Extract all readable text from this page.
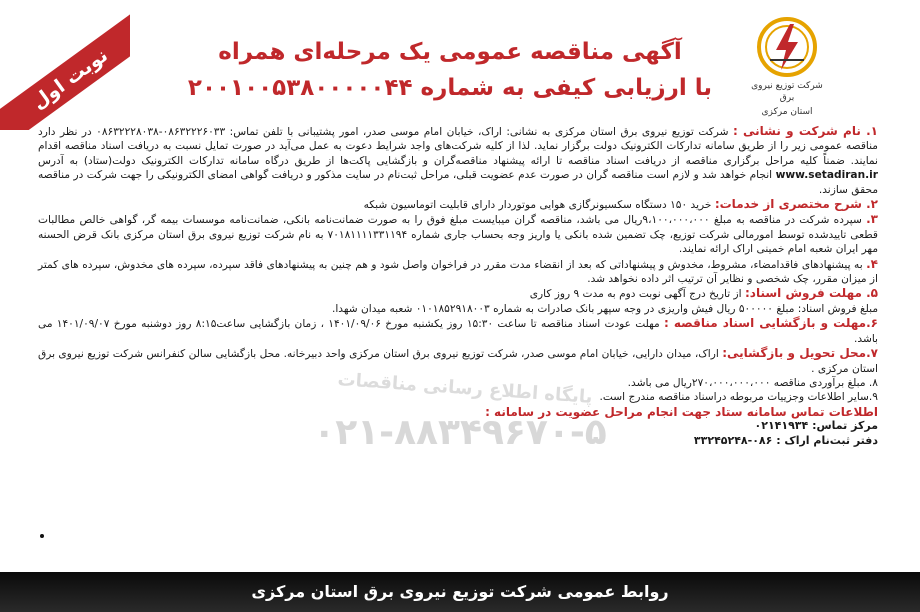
نوبت اول	شرکت توزیع نیروی برق
استان مرکزی
آگهی مناقصه عمومی یک مرحله‌ای همراه
با ارزیابی کیفی به شماره ۲۰۰۱۰۰۵۳۸۰۰۰۰۰۴۴
پایگاه اطلاع رسانی مناقصات
۰۲۱-۸۸۳۴۹۶۷۰-۵

۱. نام شرکت و نشانی : شرکت توزیع نیروی برق استان مرکزی به نشانی: اراک، خیابان امام موسی صدر، امور پشتیبانی با تلفن تماس: ۰۸۶۳۲۲۲۶۰۳۳-۰۸۶۳۲۲۲۸۰۳۸ در نظر دارد مناقصه عمومی زیر را از طریق سامانه تدارکات الکترونیک دولت برگزار نماید. لذا از کلیه شرکت‌های واجد شرایط دعوت به عمل می‌آید در صورت تمایل نسبت به دریافت اسناد مناقصه اقدام نمایند. ضمناً کلیه مراحل برگزاری مناقصه از دریافت اسناد مناقصه تا ارائه پیشنهاد مناقصه‌گران و بازگشایی پاکت‌ها از طریق درگاه سامانه تدارکات الکترونیک دولت(ستاد) به آدرس www.setadiran.ir انجام خواهد شد و لازم است مناقصه گران در صورت عدم عضویت قبلی، مراحل ثبت‌نام در سایت مذکور و دریافت گواهی امضای الکترونیکی را جهت شرکت در مناقصه محقق سازند.

۲. شرح مختصری از خدمات: خرید ۱۵۰ دستگاه سکسیونرگازی هوایی موتوردار دارای قابلیت اتوماسیون شبکه

۳. سپرده شرکت در مناقصه به مبلغ ۹،۱۰۰،۰۰۰،۰۰۰ریال می باشد، مناقصه گران میبایست مبلغ فوق را به صورت ضمانت‌نامه بانکی، ضمانت‌نامه موسسات بیمه گر، گواهی خالص مطالبات قطعی تاییدشده توسط امورمالی شرکت توزیع، چک تضمین شده بانکی یا واریز وجه بحساب جاری شماره ۷۰۱۸۱۱۱۱۳۳۱۱۹۴ به نام شرکت توزیع نیروی برق استان مرکزی بانک قرض الحسنه مهر ایران شعبه امام خمینی اراک ارائه نمایند.

۴. به پیشنهادهای فاقدامضاء، مشروط، مخدوش و پیشنهاداتی که بعد از انقضاء مدت مقرر در فراخوان واصل شود و هم چنین به پیشنهادهای فاقد سپرده، سپرده های مخدوش، سپرده های کمتر از میزان مقرر، چک شخصی و نظایر آن ترتیب اثر داده نخواهد شد.

۵. مهلت فروش اسناد: از تاریخ درج آگهی نوبت دوم به مدت ۹ روز کاری

مبلغ فروش اسناد: مبلغ ۵۰۰۰۰۰ ریال فیش واریزی در وجه سپهر بانک صادرات به شماره ۰۱۰۱۸۵۲۹۱۸۰۰۳ شعبه میدان شهدا.

۶.مهلت و بازگشایی اسناد مناقصه : مهلت عودت اسناد مناقصه تا ساعت ۱۵:۳۰ روز یکشنبه مورخ ۱۴۰۱/۰۹/۰۶ ، زمان بازگشایی ساعت۸:۱۵ روز دوشنبه مورخ ۱۴۰۱/۰۹/۰۷ می باشد.

۷.محل تحویل و بازگشایی: اراک، میدان دارایی، خیابان امام موسی صدر، شرکت توزیع نیروی برق استان مرکزی واحد دبیرخانه. محل بازگشایی سالن کنفرانس شرکت توزیع نیروی برق استان مرکزی .

۸. مبلغ برآوردی مناقصه ۲۷۰،۰۰۰،۰۰۰،۰۰۰ریال می باشد.

۹.سایر اطلاعات وجزییات مربوطه دراسناد مناقصه مندرج است.

اطلاعات تماس سامانه ستاد جهت انجام مراحل عضویت در سامانه :

مرکز تماس: ۰۲۱۴۱۹۳۴

دفتر ثبت‌نام اراک : ۰۸۶-۳۳۲۴۵۲۴۸

روابط عمومی شرکت توزیع نیروی برق استان مرکزی
